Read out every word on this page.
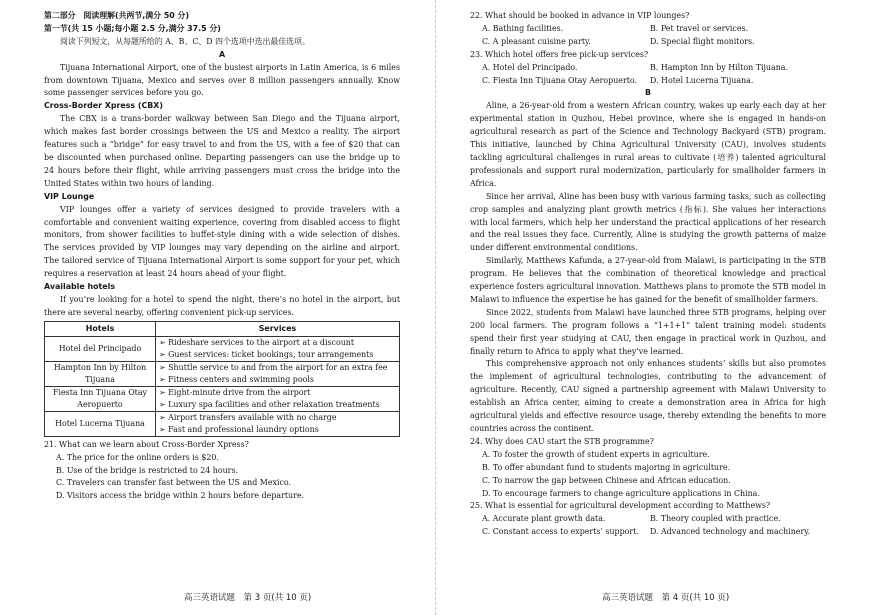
第二部分　阅读理解(共两节,满分 50 分)
第一节(共 15 小题;每小题 2.5 分,满分 37.5 分)
阅读下列短文，从每题所给的 A、B、C、D 四个选项中选出最佳选项。
A

Tijuana International Airport, one of the busiest airports in Latin America, is 6 miles from downtown Tijuana, Mexico and serves over 8 million passengers annually. Know some passenger services before you go.

Cross-Border Xpress (CBX)

The CBX is a trans-border walkway between San Diego and the Tijuana airport, which makes fast border crossings between the US and Mexico a reality. The airport features such a “bridge” for easy travel to and from the US, with a fee of $20 that can be discounted when purchased online. Departing passengers can use the bridge up to 24 hours before their flight, while arriving passengers must cross the bridge into the United States within two hours of landing.

VIP Lounge

VIP lounges offer a variety of services designed to provide travelers with a comfortable and convenient waiting experience, covering from disabled access to flight monitors, from shower facilities to buffet-style dining with a wide selection of dishes. The services provided by VIP lounges may vary depending on the airline and airport. The tailored service of Tijuana International Airport is some support for your pet, which requires a reservation at least 24 hours ahead of your flight.

Available hotels

If you’re looking for a hotel to spend the night, there’s no hotel in the airport, but there are several nearby, offering convenient pick-up services.

Hotels	Services
Hotel del Principado	➢ Rideshare services to the airport at a discount
➢ Guest services: ticket bookings, tour arrangements

Hampton Inn by Hilton Tijuana	➢ Shuttle service to and from the airport for an extra fee
➢ Fitness centers and swimming pools

Fiesta Inn Tijuana Otay Aeropuerto	➢ Eight-minute drive from the airport
➢ Luxury spa facilities and other relaxation treatments

Hotel Lucerna Tijuana	➢ Airport transfers available with no charge
➢ Fast and professional laundry options
21. What can we learn about Cross-Border Xpress?
A. The price for the online orders is $20.
B. Use of the bridge is restricted to 24 hours.
C. Travelers can transfer fast between the US and Mexico.
D. Visitors access the bridge within 2 hours before departure.
22. What should be booked in advance in VIP lounges?
A. Bathing facilities.	B. Pet travel or services.
C. A pleasant cuisine party.	D. Special flight monitors.
23. Which hotel offers free pick-up services?
A. Hotel del Principado.	B. Hampton Inn by Hilton Tijuana.
C. Fiesta Inn Tijuana Otay Aeropuerto.	D. Hotel Lucerna Tijuana.
B

Aline, a 26-year-old from a western African country, wakes up early each day at her experimental station in Quzhou, Hebei province, where she is engaged in hands-on agricultural research as part of the Science and Technology Backyard (STB) program. This initiative, launched by China Agricultural University (CAU), involves students tackling agricultural challenges in rural areas to cultivate (培养) talented agricultural professionals and support rural modernization, particularly for smallholder farmers in Africa.

Since her arrival, Aline has been busy with various farming tasks, such as collecting crop samples and analyzing plant growth metrics (指标). She values her interactions with local farmers, which help her understand the practical applications of her research and the real issues they face. Currently, Aline is studying the growth patterns of maize under different environmental conditions.

Similarly, Matthews Kafunda, a 27-year-old from Malawi, is participating in the STB program. He believes that the combination of theoretical knowledge and practical experience fosters agricultural innovation. Matthews plans to promote the STB model in Malawi to influence the expertise he has gained for the benefit of smallholder farmers.

Since 2022, students from Malawi have launched three STB programs, helping over 200 local farmers. The program follows a “1+1+1” talent training model: students spend their first year studying at CAU, then engage in practical work in Quzhou, and finally return to Africa to apply what they’ve learned.

This comprehensive approach not only enhances students’ skills but also promotes the implement of agricultural technologies, contributing to the advancement of agriculture. Recently, CAU signed a partnership agreement with Malawi University to establish an Africa center, aiming to create a demonstration area in Africa for high agricultural yields and effective resource usage, thereby extending the benefits to more countries across the continent.

24. Why does CAU start the STB programme?
A. To foster the growth of student experts in agriculture.
B. To offer abundant fund to students majoring in agriculture.
C. To narrow the gap between Chinese and African education.
D. To encourage farmers to change agriculture applications in China.
25. What is essential for agricultural development according to Matthews?
A. Accurate plant growth data.	B. Theory coupled with practice.
C. Constant access to experts’ support.	D. Advanced technology and machinery.
高三英语试题　第 3 页(共 10 页)	高三英语试题　第 4 页(共 10 页)
